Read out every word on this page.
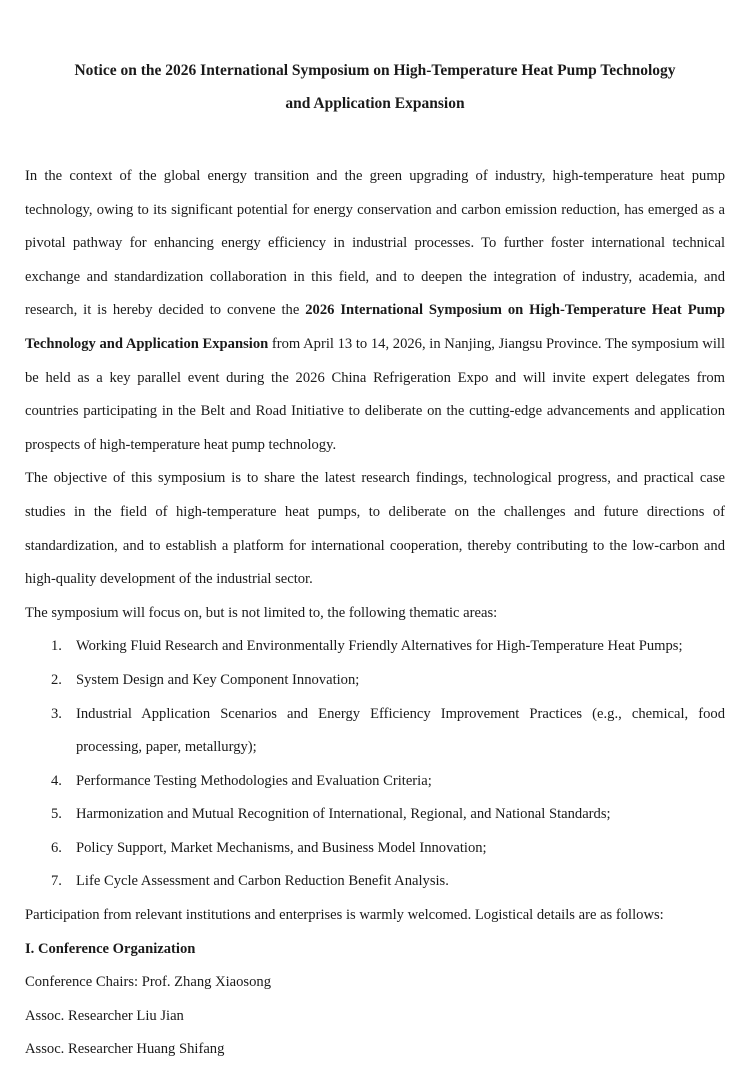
Notice on the 2026 International Symposium on High-Temperature Heat Pump Technology
and Application Expansion

In the context of the global energy transition and the green upgrading of industry, high-temperature heat pump technology, owing to its significant potential for energy conservation and carbon emission reduction, has emerged as a pivotal pathway for enhancing energy efficiency in industrial processes. To further foster international technical exchange and standardization collaboration in this field, and to deepen the integration of industry, academia, and research, it is hereby decided to convene the 2026 International Symposium on High-Temperature Heat Pump Technology and Application Expansion from April 13 to 14, 2026, in Nanjing, Jiangsu Province. The symposium will be held as a key parallel event during the 2026 China Refrigeration Expo and will invite expert delegates from countries participating in the Belt and Road Initiative to deliberate on the cutting-edge advancements and application prospects of high-temperature heat pump technology.

The objective of this symposium is to share the latest research findings, technological progress, and practical case studies in the field of high-temperature heat pumps, to deliberate on the challenges and future directions of standardization, and to establish a platform for international cooperation, thereby contributing to the low-carbon and high-quality development of the industrial sector.

The symposium will focus on, but is not limited to, the following thematic areas:

1. Working Fluid Research and Environmentally Friendly Alternatives for High-Temperature Heat Pumps;
2. System Design and Key Component Innovation;
3. Industrial Application Scenarios and Energy Efficiency Improvement Practices (e.g., chemical, food processing, paper, metallurgy);
4. Performance Testing Methodologies and Evaluation Criteria;
5. Harmonization and Mutual Recognition of International, Regional, and National Standards;
6. Policy Support, Market Mechanisms, and Business Model Innovation;
7. Life Cycle Assessment and Carbon Reduction Benefit Analysis.

Participation from relevant institutions and enterprises is warmly welcomed. Logistical details are as follows:

I. Conference Organization

Conference Chairs: Prof. Zhang Xiaosong

Assoc. Researcher Liu Jian

Assoc. Researcher Huang Shifang
